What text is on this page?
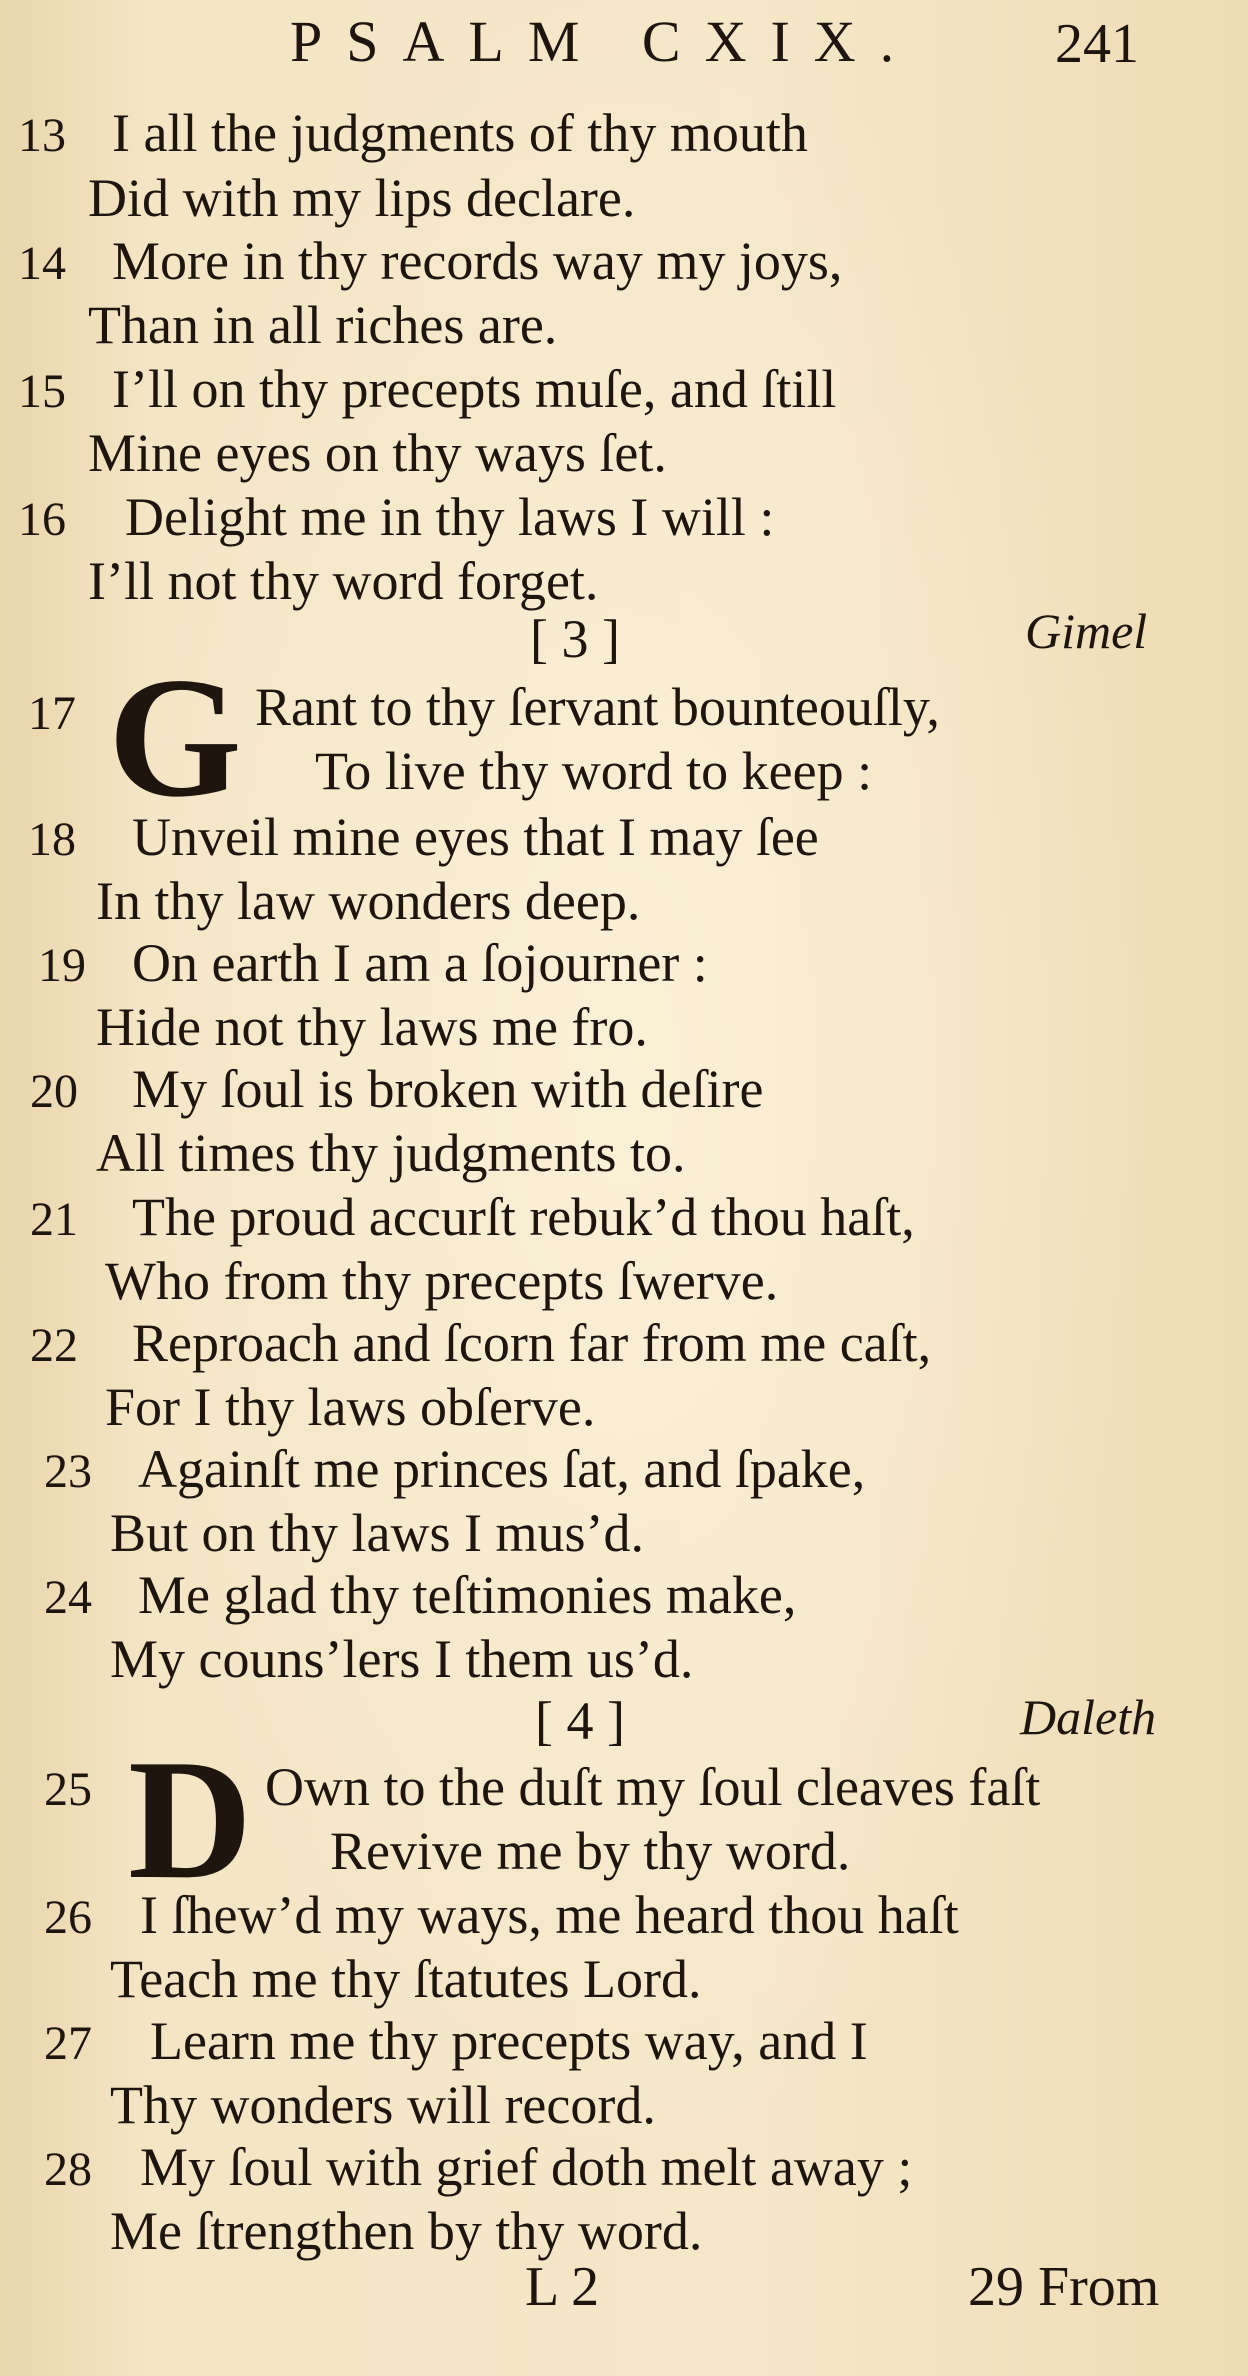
PSALM CXIX. 241
13 I all the judgments of thy mouth
Did with my lips declare.
14 More in thy records way my joys,
Than in all riches are.
15 I’ll on thy precepts muſe, and ſtill
Mine eyes on thy ways ſet.
16 Delight me in thy laws I will :
I’ll not thy word forget.
[ 3 ]	Gimel
17 G Rant to thy ſervant bounteouſly,
To live thy word to keep :
18 Unveil mine eyes that I may ſee
In thy law wonders deep.
19 On earth I am a ſojourner :
Hide not thy laws me fro.
20 My ſoul is broken with deſire
All times thy judgments to.
21 The proud accurſt rebuk’d thou haſt,
Who from thy precepts ſwerve.
22 Reproach and ſcorn far from me caſt,
For I thy laws obſerve.
23 Againſt me princes ſat, and ſpake,
But on thy laws I mus’d.
24 Me glad thy teſtimonies make,
My couns’lers I them us’d.
[ 4 ]	Daleth
25 D Own to the duſt my ſoul cleaves faſt
Revive me by thy word.
26 I ſhew’d my ways, me heard thou haſt
Teach me thy ſtatutes Lord.
27 Learn me thy precepts way, and I
Thy wonders will record.
28 My ſoul with grief doth melt away ;
Me ſtrengthen by thy word.
L 2	29 From
